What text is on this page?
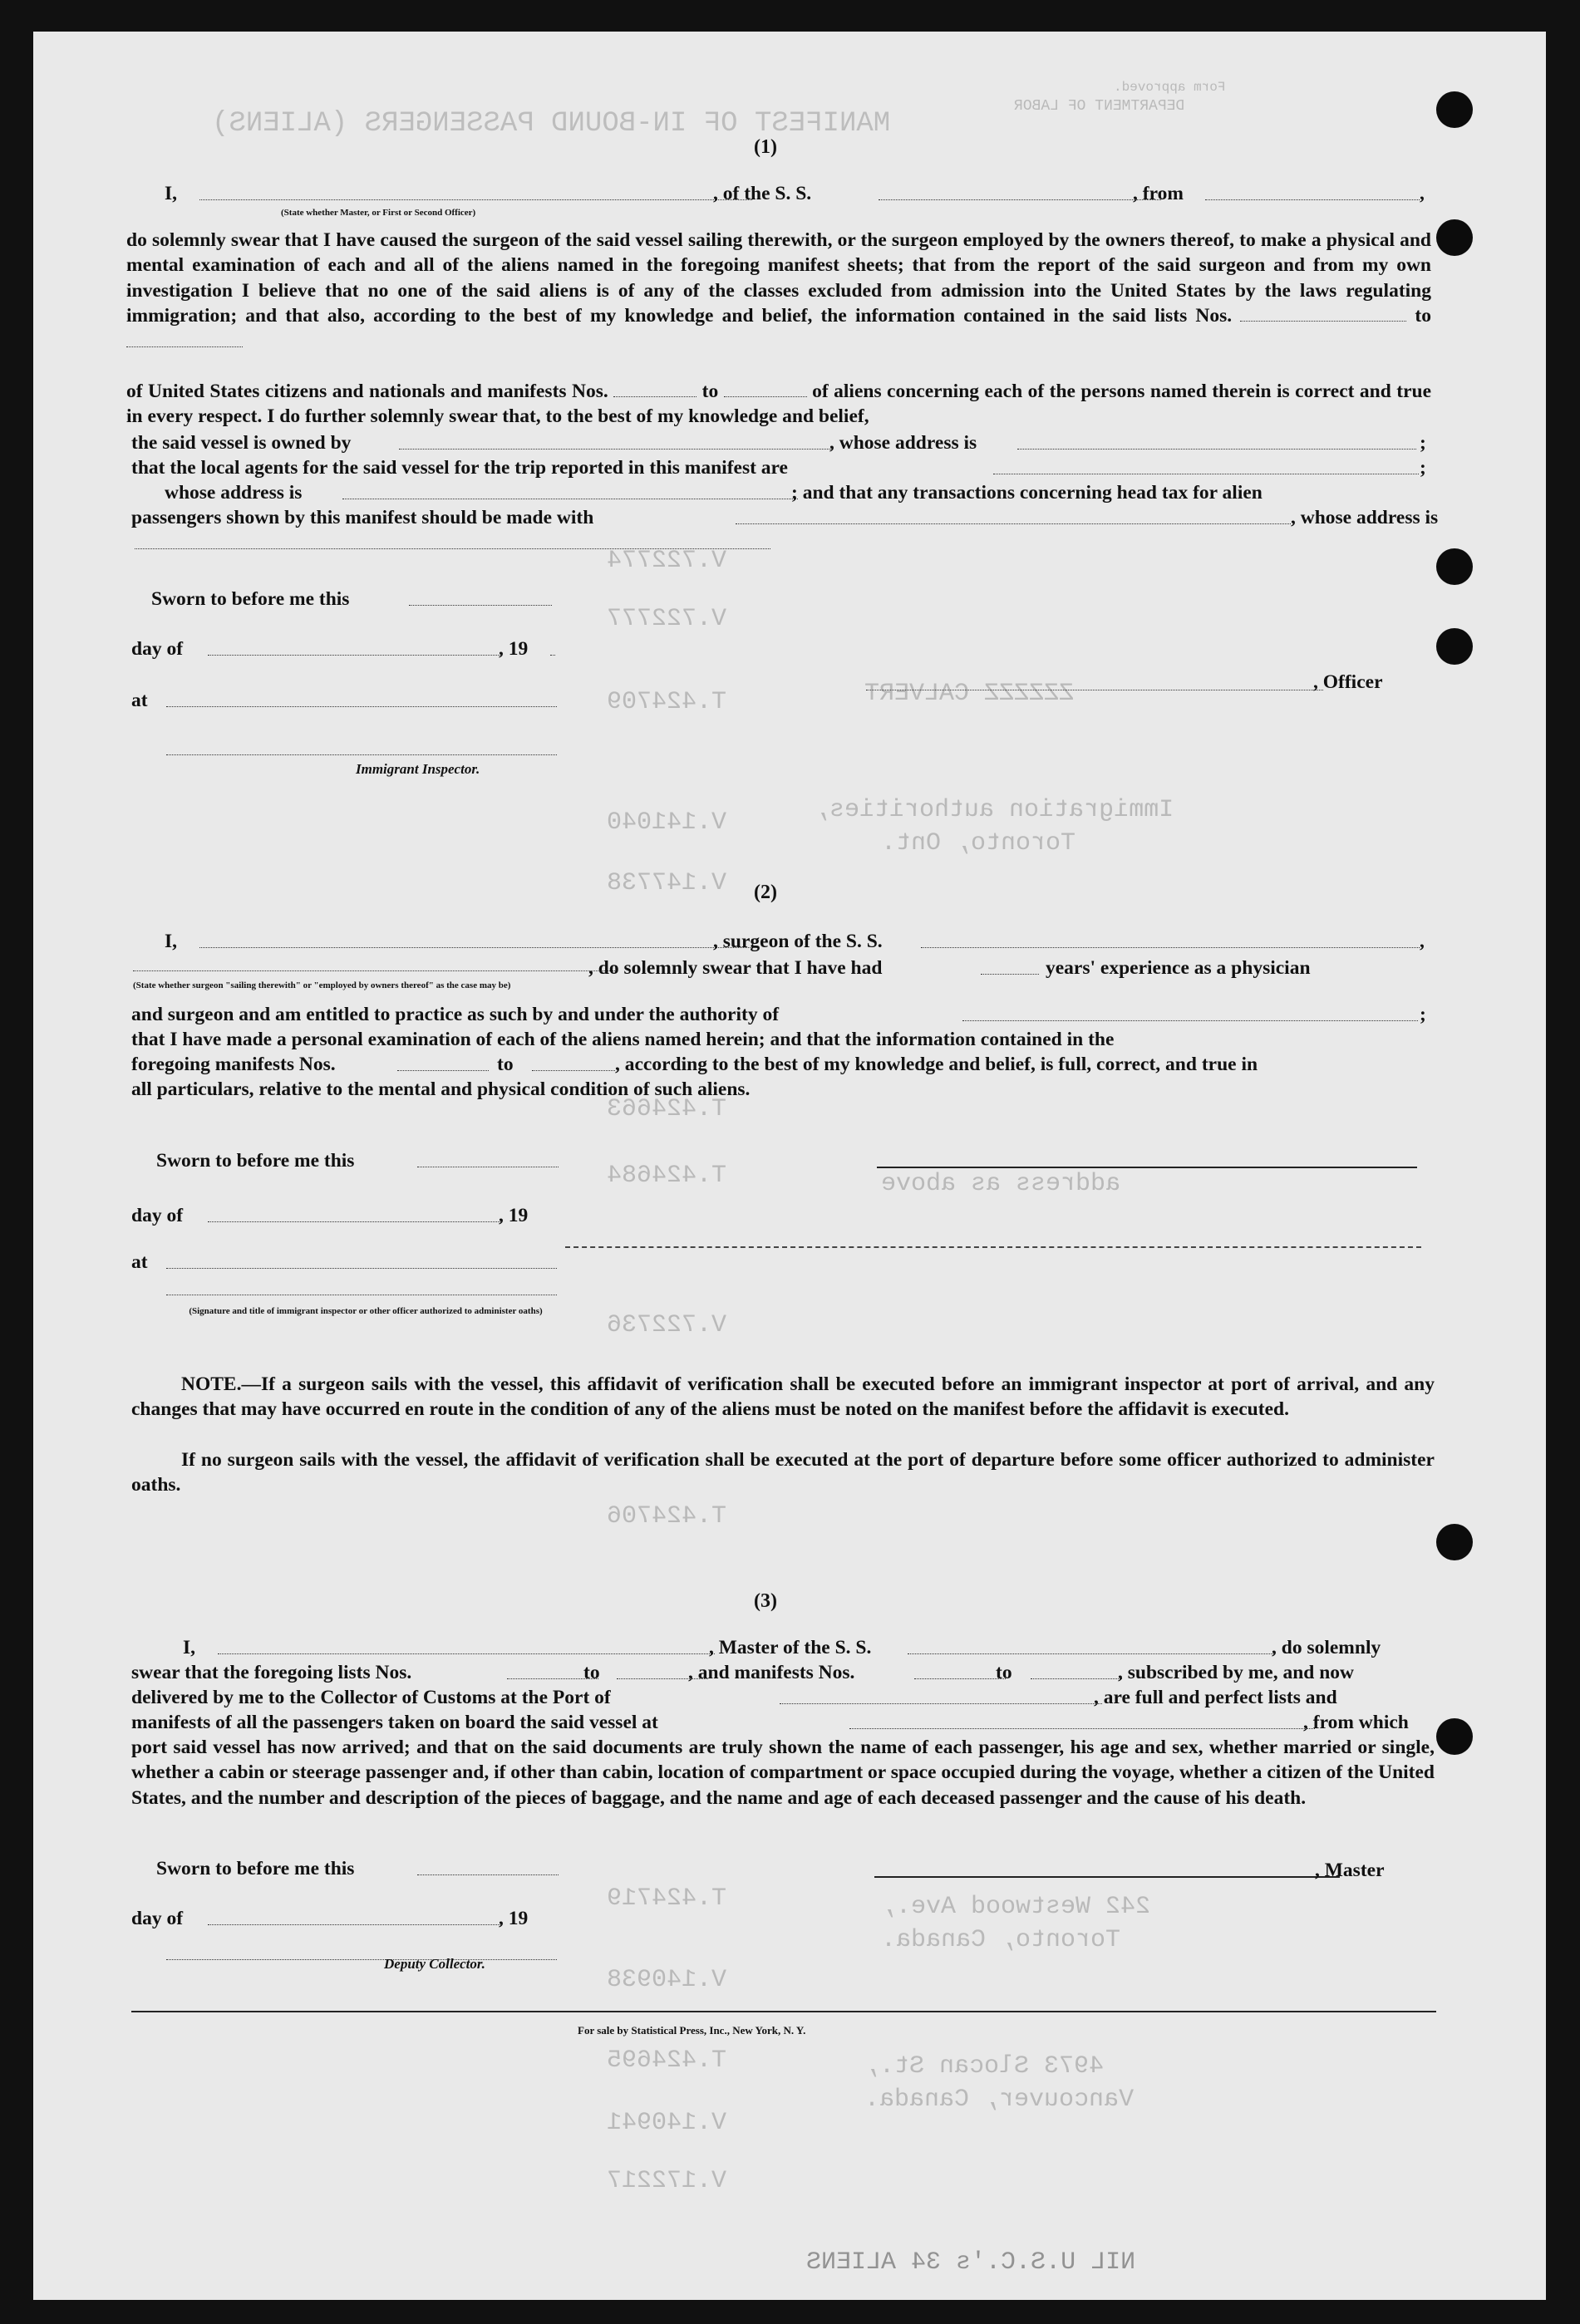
MANIFEST OF IN-BOUND PASSENGERS (ALIENS)
DEPARTMENT OF LABOR
Form approved.
V.722774
V.722777
T.424709
V.141040
V.147738
T.424663
T.424684
V.722736
T.424706
T.424719
V.140938
T.424695
V.140941
V.172217
ZZZZZZ CALVERT
Immigration authorities,
Toronto, Ont.
address as above
242 Westwood Ave.,
Toronto, Canada.
4973 Slocan St.,
Vancouver, Canada.
NIL U.S.C.'s 34 ALIENS
(1)
I,	, of the S. S.	, from	,
(State whether Master, or First or Second Officer)
do solemnly swear that I have caused the surgeon of the said vessel sailing therewith, or the surgeon employed by the owners thereof, to make a physical and mental examination of each and all of the aliens named in the foregoing manifest sheets; that from the report of the said surgeon and from my own investigation I believe that no one of the said aliens is of any of the classes excluded from admission into the United States by the laws regulating immigration; and that also, according to the best of my knowledge and belief, the information contained in the said lists Nos.	to
of United States citizens and nationals and manifests Nos.	to	of aliens concerning each of the persons named therein is correct and true in every respect. I do further solemnly swear that, to the best of my knowledge and belief,
the said vessel is owned by	, whose address is	;
that the local agents for the said vessel for the trip reported in this manifest are	;
whose address is	; and that any transactions concerning head tax for alien
passengers shown by this manifest should be made with	, whose address is
Sworn to before me this
day of	, 19
at
Immigrant Inspector.
, Officer
(2)
I,	, surgeon of the S. S.	,
(State whether surgeon "sailing therewith" or "employed by owners thereof" as the case may be)
, do solemnly swear that I have had	years' experience as a physician
and surgeon and am entitled to practice as such by and under the authority of	;
that I have made a personal examination of each of the aliens named herein; and that the information contained in the
foregoing manifests Nos.	to	, according to the best of my knowledge and belief, is full, correct, and true in
all particulars, relative to the mental and physical condition of such aliens.
Sworn to before me this
day of	, 19
at
(Signature and title of immigrant inspector or other officer authorized to administer oaths)
NOTE.—If a surgeon sails with the vessel, this affidavit of verification shall be executed before an immigrant inspector at port of arrival, and any changes that may have occurred en route in the condition of any of the aliens must be noted on the manifest before the affidavit is executed.
If no surgeon sails with the vessel, the affidavit of verification shall be executed at the port of departure before some officer authorized to administer oaths.
(3)
I,	, Master of the S. S.	, do solemnly
swear that the foregoing lists Nos.	to	, and manifests Nos.	to	, subscribed by me, and now
delivered by me to the Collector of Customs at the Port of	, are full and perfect lists and
manifests of all the passengers taken on board the said vessel at	, from which
port said vessel has now arrived; and that on the said documents are truly shown the name of each passenger, his age and sex, whether married or single, whether a cabin or steerage passenger and, if other than cabin, location of compartment or space occupied during the voyage, whether a citizen of the United States, and the number and description of the pieces of baggage, and the name and age of each deceased passenger and the cause of his death.
Sworn to before me this	, Master
day of	, 19
Deputy Collector.
For sale by Statistical Press, Inc., New York, N. Y.
